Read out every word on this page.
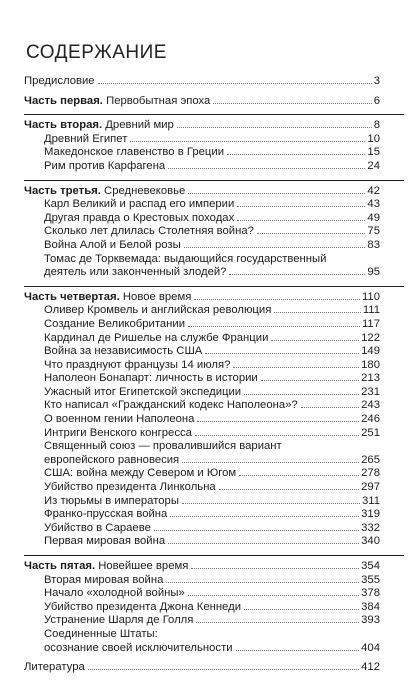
СОДЕРЖАНИЕ
Предисловие	3
Часть первая. Первобытная эпоха	6
Часть вторая. Древний мир	8
Древний Египет	10
Македонское главенство в Греции	15
Рим против Карфагена	24
Часть третья. Средневековье	42
Карл Великий и распад его империи	43
Другая правда о Крестовых походах	49
Сколько лет длилась Столетняя война?	75
Война Алой и Белой розы	83
Томас де Торквемада: выдающийся государственный
деятель или законченный злодей?	95
Часть четвертая. Новое время	110
Оливер Кромвель и английская революция	111
Создание Великобритании	117
Кардинал де Ришелье на службе Франции	122
Война за независимость США	149
Что празднуют французы 14 июля?	180
Наполеон Бонапарт: личность в истории	213
Ужасный итог Египетской экспедиции	231
Кто написал «Гражданский кодекс Наполеона»?	243
О военном гении Наполеона	246
Интриги Венского конгресса	251
Священный союз — провалившийся вариант
европейского равновесия	265
США: война между Севером и Югом	278
Убийство президента Линкольна	297
Из тюрьмы в императоры	311
Франко-прусская война	319
Убийство в Сараеве	332
Первая мировая война	340
Часть пятая. Новейшее время	354
Вторая мировая война	355
Начало «холодной войны»	378
Убийство президента Джона Кеннеди	384
Устранение Шарля де Голля	393
Соединенные Штаты:
осознание своей исключительности	404
Литература	412
